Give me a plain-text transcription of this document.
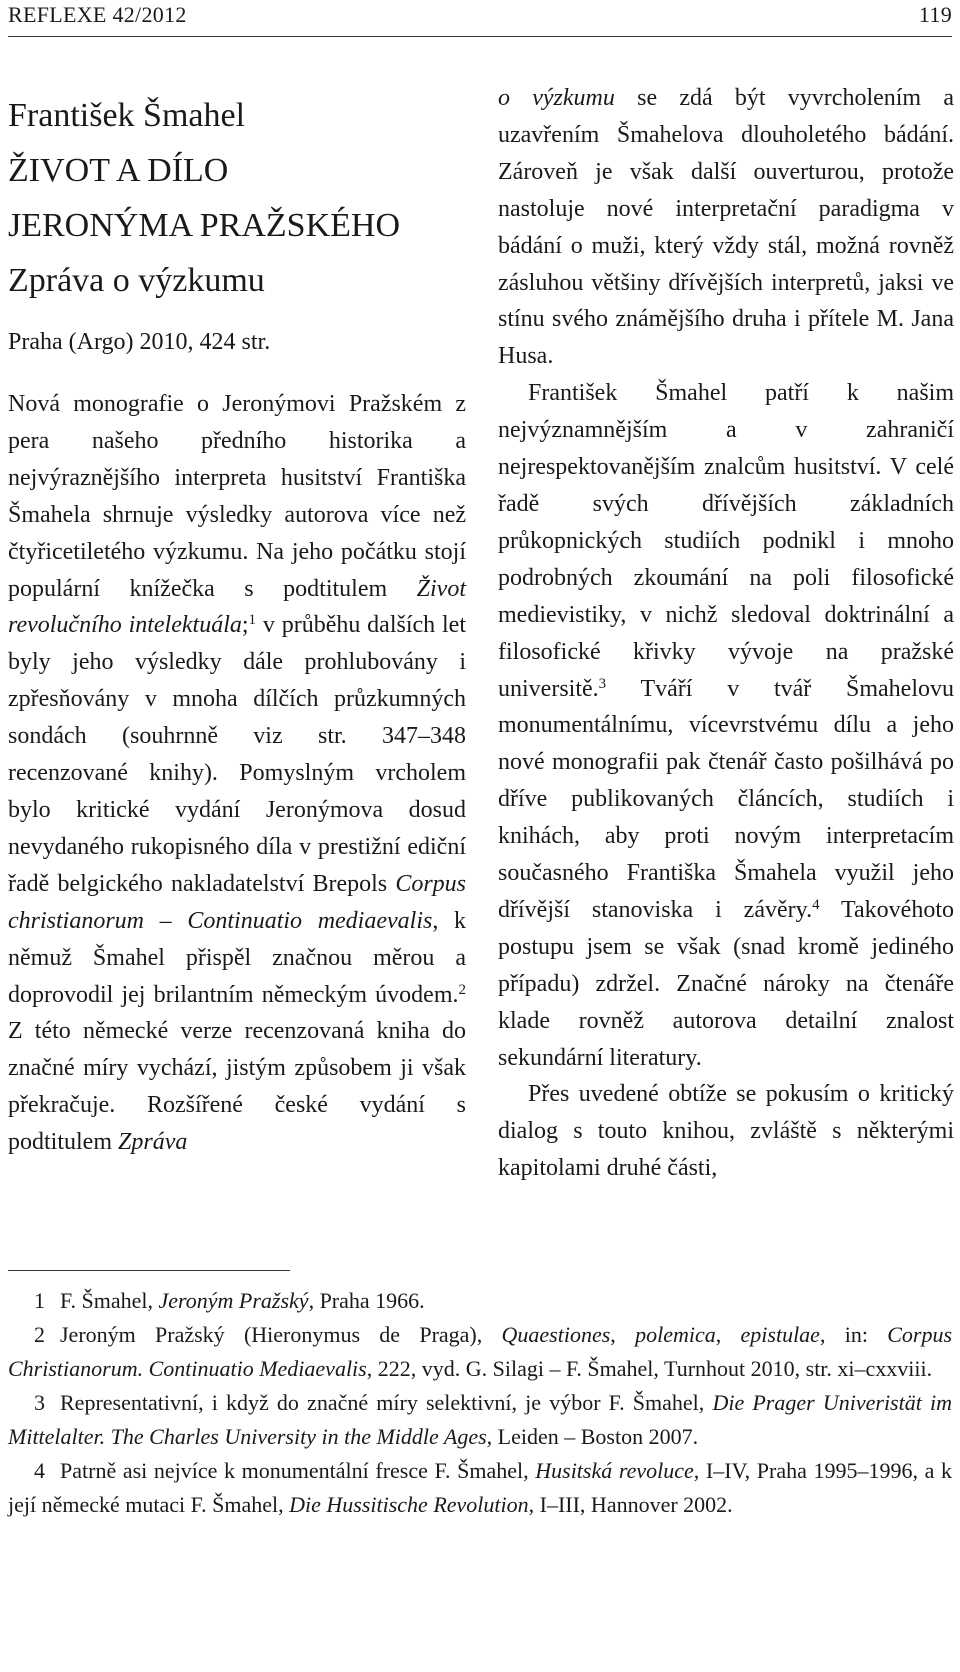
REFLEXE 42/2012	119
František Šmahel
ŽIVOT A DÍLO
JERONÝMA PRAŽSKÉHO
Zpráva o výzkumu

Praha (Argo) 2010, 424 str.

Nová monografie o Jeronýmovi Pražském z pera našeho předního historika a nejvýraznějšího interpreta husitství Františka Šmahela shrnuje výsledky autorova více než čtyřicetiletého výzkumu. Na jeho počátku stojí populární knížečka s podtitulem Život revolučního intelektuála;$^1$ v průběhu dalších let byly jeho výsledky dále prohlubovány i zpřesňovány v mnoha dílčích průzkumných sondách (souhrnně viz str. 347–348 recenzované knihy). Pomyslným vrcholem bylo kritické vydání Jeronýmova dosud nevydaného rukopisného díla v prestižní ediční řadě belgického nakladatelství Brepols Corpus christianorum – Continuatio mediaevalis, k němuž Šmahel přispěl značnou měrou a doprovodil jej brilantním německým úvodem.$^2$ Z této německé verze recenzovaná kniha do značné míry vychází, jistým způsobem ji však překračuje. Rozšířené české vydání s podtitulem Zpráva

o výzkumu se zdá být vyvrcholením a uzavřením Šmahelova dlouholetého bádání. Zároveň je však další ouverturou, protože nastoluje nové interpretační paradigma v bádání o muži, který vždy stál, možná rovněž zásluhou většiny dřívějších interpretů, jaksi ve stínu svého známějšího druha i přítele M. Jana Husa.

František Šmahel patří k našim nejvýznamnějším a v zahraničí nejrespektovanějším znalcům husitství. V celé řadě svých dřívějších základních průkopnických studiích podnikl i mnoho podrobných zkoumání na poli filosofické medievistiky, v nichž sledoval doktrinální a filosofické křivky vývoje na pražské universitě.$^3$ Tváří v tvář Šmahelovu monumentálnímu, vícevrstvému dílu a jeho nové monografii pak čtenář často pošilhává po dříve publikovaných článcích, studiích i knihách, aby proti novým interpretacím současného Františka Šmahela využil jeho dřívější stanoviska i závěry.$^4$ Takovéhoto postupu jsem se však (snad kromě jediného případu) zdržel. Značné nároky na čtenáře klade rovněž autorova detailní znalost sekundární literatury.

Přes uvedené obtíže se pokusím o kritický dialog s touto knihou, zvláště s některými kapitolami druhé části,

1 F. Šmahel, Jeroným Pražský, Praha 1966.

2 Jeroným Pražský (Hieronymus de Praga), Quaestiones, polemica, epistulae, in: Corpus Christianorum. Continuatio Mediaevalis, 222, vyd. G. Silagi – F. Šmahel, Turnhout 2010, str. xi–cxxviii.

3 Representativní, i když do značné míry selektivní, je výbor F. Šmahel, Die Prager Univeristät im Mittelalter. The Charles University in the Middle Ages, Leiden – Boston 2007.

4 Patrně asi nejvíce k monumentální fresce F. Šmahel, Husitská revoluce, I–IV, Praha 1995–1996, a k její německé mutaci F. Šmahel, Die Hussitische Revolution, I–III, Hannover 2002.
